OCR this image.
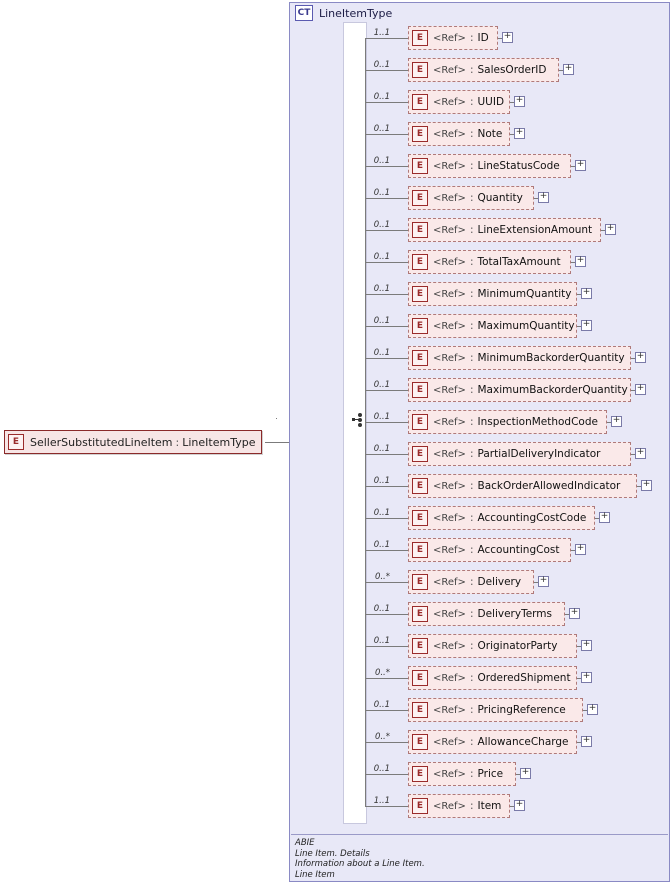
E SellerSubstitutedLineItem : LineItemType
CT LineItemType
1..1	E <Ref> : ID
+
0..1	E <Ref> : SalesOrderID
+
0..1	E <Ref> : UUID
+
0..1	E <Ref> : Note
+
0..1	E <Ref> : LineStatusCode
+
0..1	E <Ref> : Quantity
+
0..1	E <Ref> : LineExtensionAmount
+
0..1	E <Ref> : TotalTaxAmount
+
0..1	E <Ref> : MinimumQuantity
+
0..1	E <Ref> : MaximumQuantity
+
0..1	E <Ref> : MinimumBackorderQuantity
+
0..1	E <Ref> : MaximumBackorderQuantity
+
0..1	E <Ref> : InspectionMethodCode
+
0..1	E <Ref> : PartialDeliveryIndicator
+
0..1	E <Ref> : BackOrderAllowedIndicator
+
0..1	E <Ref> : AccountingCostCode
+
0..1	E <Ref> : AccountingCost
+
0..*	E <Ref> : Delivery
+
0..1	E <Ref> : DeliveryTerms
+
0..1	E <Ref> : OriginatorParty
+
0..*	E <Ref> : OrderedShipment
+
0..1	E <Ref> : PricingReference
+
0..*	E <Ref> : AllowanceCharge
+
0..1	E <Ref> : Price
+
1..1	E <Ref> : Item
+
ABIE
Line Item. Details
Information about a Line Item.
Line Item
